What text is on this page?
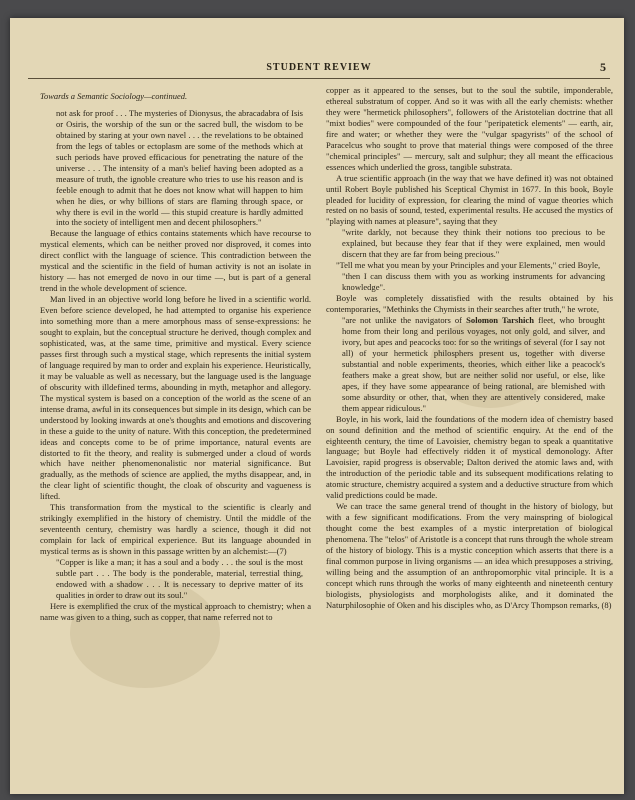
STUDENT REVIEW	5

Towards a Semantic Sociology—continued.

not ask for proof . . . The mysteries of Dionysus, the abracadabra of Isis or Osiris, the worship of the sun or the sacred bull, the wisdom to be obtained by staring at your own navel . . . the revelations to be obtained from the legs of tables or ectoplasm are some of the methods which at such periods have proved efficacious for penetrating the nature of the universe . . . The intensity of a man's belief having been adopted as a measure of truth, the ignoble creature who tries to use his reason and is feeble enough to admit that he does not know what will happen to him when he dies, or why billions of stars are flaming through space, or why there is evil in the world — this stupid creature is hardly admitted into the society of intelligent men and decent philosophers."

Because the language of ethics contains statements which have recourse to mystical elements, which can be neither proved nor disproved, it comes into direct conflict with the language of science. This contradiction between the mystical and the scientific in the field of human activity is not an isolate in history — has not emerged de novo in our time —, but is part of a general trend in the whole development of science.

Man lived in an objective world long before he lived in a scientific world. Even before science developed, he had attempted to organise his experience into something more than a mere amorphous mass of sense-expressions: he sought to explain, but the conceptual structure he derived, though complex and sophisticated, was, at the same time, primitive and mystical. Every science passes first through such a mystical stage, which represents the initial system of language required by man to order and explain his experience. Heuristically, it may be valuable as well as necessary, but the language used is the language of obscurity with illdefined terms, abounding in myth, metaphor and allegory. The mystical system is based on a conception of the world as the scene of an intense drama, awful in its consequences but simple in its design, which can be understood by looking inwards at one's thoughts and emotions and discovering in these a guide to the unity of nature. With this conception, the predetermined ideas and concepts come to be of prime importance, natural events are distorted to fit the theory, and reality is submerged under a cloud of words which have neither phenomenonalistic nor material significance. But gradually, as the methods of science are applied, the myths disappear, and, in the clear light of scientific thought, the cloak of obscurity and vagueness is lifted.

This transformation from the mystical to the scientific is clearly and strikingly exemplified in the history of chemistry. Until the middle of the seventeenth century, chemistry was hardly a science, though it did not complain for lack of empirical experience. But its language abounded in mystical terms as is shown in this passage written by an alchemist:—(7)

"Copper is like a man; it has a soul and a body . . . the soul is the most subtle part . . . The body is the ponderable, material, terrestial thing, endowed with a shadow . . . It is necessary to deprive matter of its qualities in order to draw out its soul."

Here is exemplified the crux of the mystical approach to chemistry; when a name was given to a thing, such as copper, that name referred not to

copper as it appeared to the senses, but to the soul the subtile, imponderable, ethereal substratum of copper. And so it was with all the early chemists: whether they were "hermetick philosophers", followers of the Aristotelian doctrine that all "mixt bodies" were compounded of the four "peripatetick elements" — earth, air, fire and water; or whether they were the "vulgar spagyrists" of the school of Paracelcus who sought to prove that material things were composed of the three "chemical principles" — mercury, salt and sulphur; they all meant the efficacious essences which underlied the gross, tangible substrata.

A true scientific approach (in the way that we have defined it) was not obtained until Robert Boyle published his Sceptical Chymist in 1677. In this book, Boyle pleaded for lucidity of expression, for clearing the mind of vague theories which rested on no basis of sound, tested, experimental results. He accused the mystics of "playing with names at pleasure", saying that they

"write darkly, not because they think their notions too precious to be explained, but because they fear that if they were explained, men would discern that they are far from being precious."

"Tell me what you mean by your Principles and your Elements," cried Boyle,

"then I can discuss them with you as working instruments for advancing knowledge".

Boyle was completely dissatisfied with the results obtained by his contemporaries, "Methinks the Chymists in their searches after truth," he wrote,

"are not unlike the navigators of Solomon Tarshich fleet, who brought home from their long and perilous voyages, not only gold, and silver, and ivory, but apes and peacocks too: for so the writings of several (for I say not all) of your hermetick philosphers present us, together with diverse substantial and noble experiments, theories, which either like a peacock's feathers make a great show, but are neither solid nor useful, or else, like apes, if they have some appearance of being rational, are blemished with some absurdity or other, that, when they are attentively considered, make them appear ridiculous."

Boyle, in his work, laid the foundations of the modern idea of chemistry based on sound definition and the method of scientific enquiry. At the end of the eighteenth century, the time of Lavoisier, chemistry began to speak a quantitative language; but Boyle had effectively ridden it of mystical demonology. After Lavoisier, rapid progress is observable; Dalton derived the atomic laws and, with the introduction of the periodic table and its subsequent modifications relating to atomic structure, chemistry acquired a system and a deductive structure from which valid predictions could be made.

We can trace the same general trend of thought in the history of biology, but with a few significant modifications. From the very mainspring of biological thought come the best examples of a mystic interpretation of biological phenomena. The "telos" of Aristotle is a concept that runs through the whole stream of the history of biology. This is a mystic conception which asserts that there is a final common purpose in living organisms — an idea which presupposes a striving, willing being and the assumption of an anthropomorphic vital principle. It is a concept which runs through the works of many eighteenth and nineteenth century biologists, physiologists and morphologists alike, and it dominated the Naturphilosophie of Oken and his disciples who, as D'Arcy Thompson remarks, (8)
